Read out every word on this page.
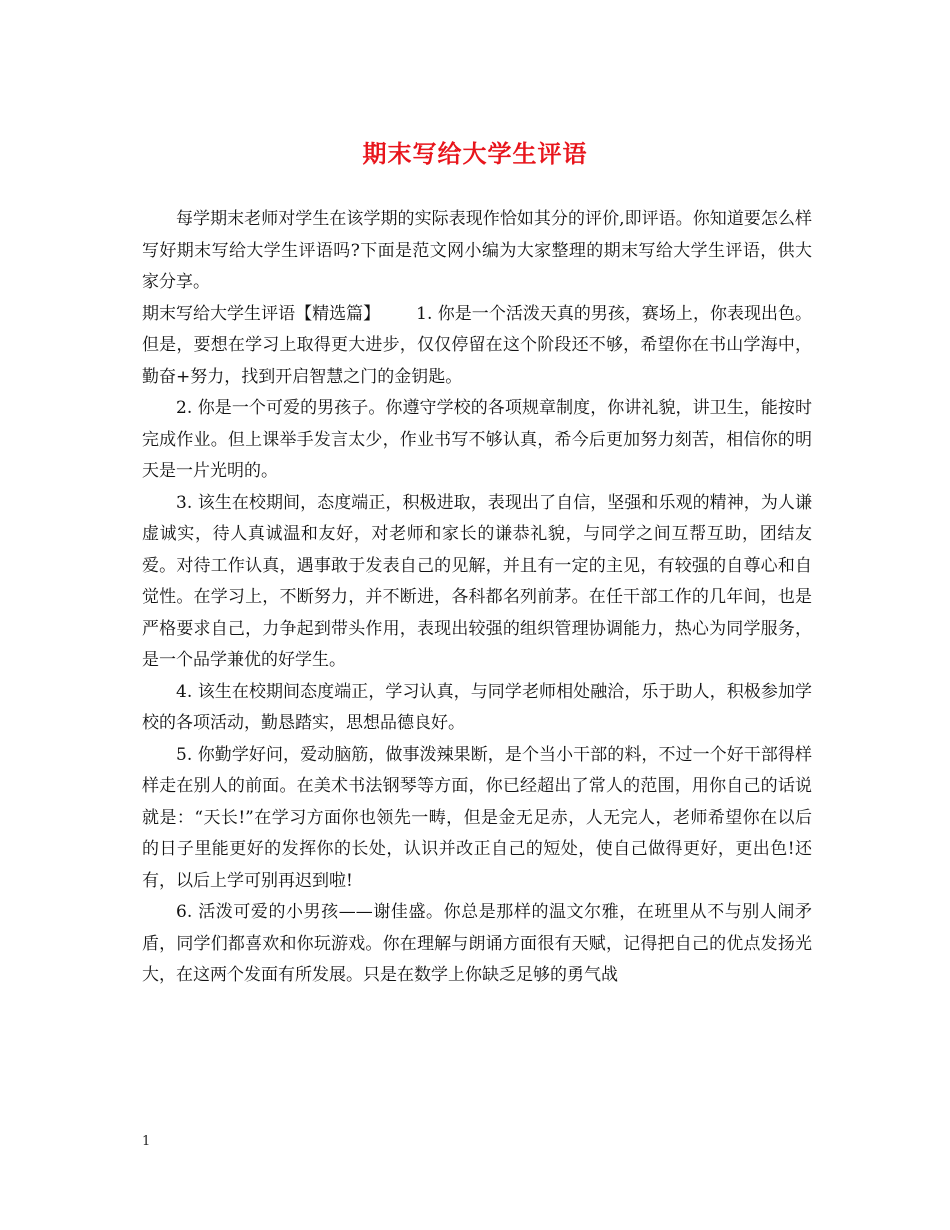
期末写给大学生评语

每学期末老师对学生在该学期的实际表现作恰如其分的评价,即评语。你知道要怎么样写好期末写给大学生评语吗?下面是范文网小编为大家整理的期末写给大学生评语，供大家分享。

期末写给大学生评语【精选篇】 1. 你是一个活泼天真的男孩，赛场上，你表现出色。但是，要想在学习上取得更大进步，仅仅停留在这个阶段还不够，希望你在书山学海中，勤奋+努力，找到开启智慧之门的金钥匙。

2. 你是一个可爱的男孩子。你遵守学校的各项规章制度，你讲礼貌，讲卫生，能按时完成作业。但上课举手发言太少，作业书写不够认真，希今后更加努力刻苦，相信你的明天是一片光明的。

3. 该生在校期间，态度端正，积极进取，表现出了自信，坚强和乐观的精神，为人谦虚诚实，待人真诚温和友好，对老师和家长的谦恭礼貌，与同学之间互帮互助，团结友爱。对待工作认真，遇事敢于发表自己的见解，并且有一定的主见，有较强的自尊心和自觉性。在学习上，不断努力，并不断进，各科都名列前茅。在任干部工作的几年间，也是严格要求自己，力争起到带头作用，表现出较强的组织管理协调能力，热心为同学服务，是一个品学兼优的好学生。

4. 该生在校期间态度端正，学习认真，与同学老师相处融洽，乐于助人，积极参加学校的各项活动，勤恳踏实，思想品德良好。

5. 你勤学好问，爱动脑筋，做事泼辣果断，是个当小干部的料，不过一个好干部得样样走在别人的前面。在美术书法钢琴等方面，你已经超出了常人的范围，用你自己的话说就是：“天长!”在学习方面你也领先一畴，但是金无足赤，人无完人，老师希望你在以后的日子里能更好的发挥你的长处，认识并改正自己的短处，使自己做得更好，更出色!还有，以后上学可别再迟到啦!

6. 活泼可爱的小男孩——谢佳盛。你总是那样的温文尔雅，在班里从不与别人闹矛盾，同学们都喜欢和你玩游戏。你在理解与朗诵方面很有天赋，记得把自己的优点发扬光大，在这两个发面有所发展。只是在数学上你缺乏足够的勇气战

1
